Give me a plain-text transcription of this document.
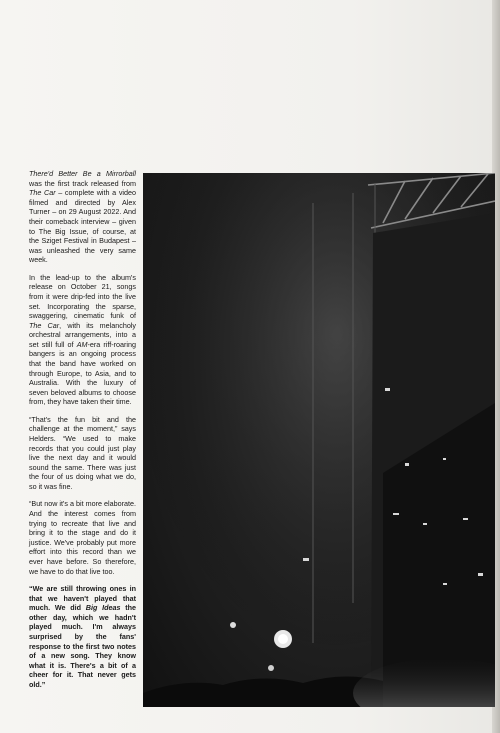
There'd Better Be a Mirrorball was the first track released from The Car – complete with a video filmed and directed by Alex Turner – on 29 August 2022. And their comeback interview – given to The Big Issue, of course, at the Sziget Festival in Budapest – was unleashed the very same week.

In the lead-up to the album's release on October 21, songs from it were drip-fed into the live set. Incorporating the sparse, swaggering, cinematic funk of The Car, with its melancholy orchestral arrangements, into a set still full of AM-era riff-roaring bangers is an ongoing process that the band have worked on through Europe, to Asia, and to Australia. With the luxury of seven beloved albums to choose from, they have taken their time.

“That's the fun bit and the challenge at the moment,” says Helders. “We used to make records that you could just play live the next day and it would sound the same. There was just the four of us doing what we do, so it was fine.

“But now it's a bit more elaborate. And the interest comes from trying to recreate that live and bring it to the stage and do it justice. We've probably put more effort into this record than we ever have before. So therefore, we have to do that live too.

“We are still throwing ones in that we haven't played that much. We did Big Ideas the other day, which we hadn't played much. I'm always surprised by the fans' response to the first two notes of a new song. They know what it is. There's a bit of a cheer for it. That never gets old.”
